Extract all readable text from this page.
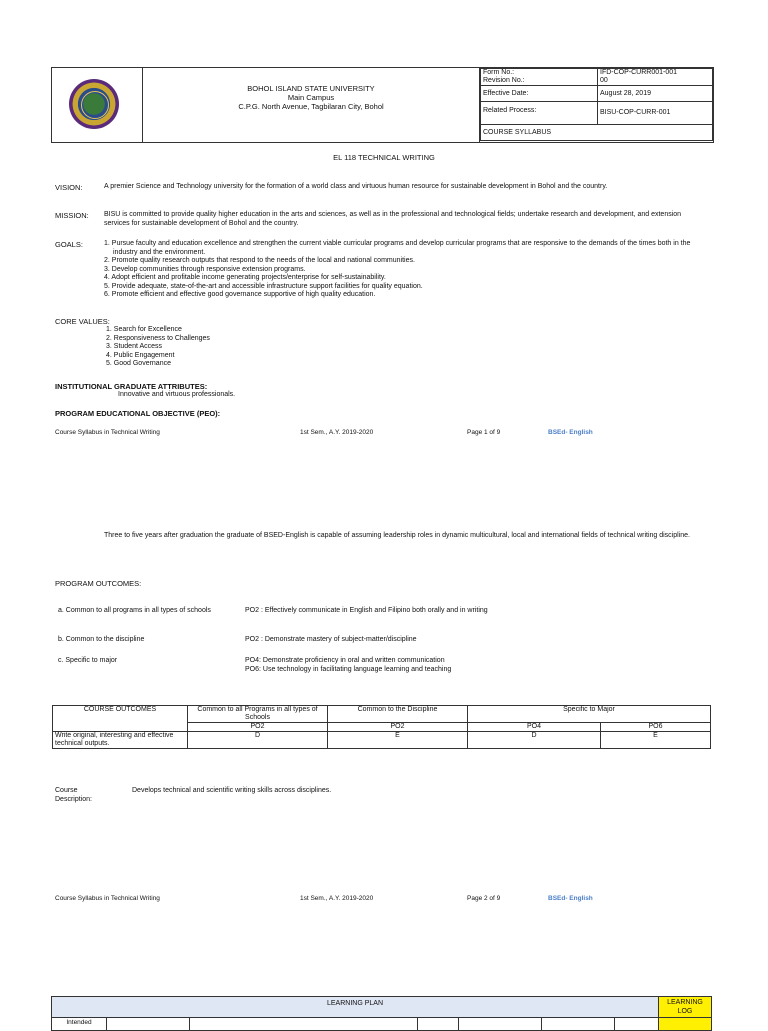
BOHOL ISLAND STATE UNIVERSITY
Main Campus
C.P.G. North Avenue, Tagbilaran City, Bohol
Form No.:	IFD-COP-CURR001-001
Revision No.:	00
Effective Date:	August 28, 2019
Related Process:	BISU-COP-CURR-001
COURSE SYLLABUS	
EL 118 TECHNICAL WRITING
VISION:	A premier Science and Technology university for the formation of a world class and virtuous human resource for sustainable development in Bohol and the country.
MISSION: BISU is committed to provide quality higher education in the arts and sciences, as well as in the professional and technological fields; undertake research and development, and extension services for sustainable development of Bohol and the country.
GOALS:	1. Pursue faculty and education excellence and strengthen the current viable curricular programs and develop curricular programs that are responsive to the demands of the times both in the industry and the environment.
2. Promote quality research outputs that respond to the needs of the local and national communities.
3. Develop communities through responsive extension programs.
4. Adopt efficient and profitable income generating projects/enterprise for self-sustainability.
5. Provide adequate, state-of-the-art and accessible infrastructure support facilities for quality equation.
6. Promote efficient and effective good governance supportive of high quality education.
CORE VALUES:
1. Search for Excellence
2. Responsiveness to Challenges
3. Student Access
4. Public Engagement
5. Good Governance
INSTITUTIONAL GRADUATE ATTRIBUTES:
Innovative and virtuous professionals.
PROGRAM EDUCATIONAL OBJECTIVE (PEO):
Course Syllabus in Technical Writing	1st Sem., A.Y. 2019-2020	Page 1 of 9	BSEd- English
Three to five years after graduation the graduate of BSED-English is capable of assuming leadership roles in dynamic multicultural, local and international fields of technical writing discipline.
PROGRAM OUTCOMES:
a. Common to all programs in all types of schools	PO2 : Effectively communicate in English and Filipino both orally and in writing
b. Common to the discipline	PO2 : Demonstrate mastery of subject-matter/discipline
c. Specific to major	PO4: Demonstrate proficiency in oral and written communication
PO6: Use technology in facilitating language learning and teaching
COURSE OUTCOMES	Common to all Programs in all types of Schools	Common to the Discipline	Specific to Major	
	PO2	PO2	PO4	PO6
Write original, interesting and effective technical outputs.	D	E	D	E
Course
Description:
Develops technical and scientific writing skills across disciplines.
Course Syllabus in Technical Writing	1st Sem., A.Y. 2019-2020	Page 2 of 9	BSEd- English
LEARNING PLAN							LEARNING LOG
Intended							
